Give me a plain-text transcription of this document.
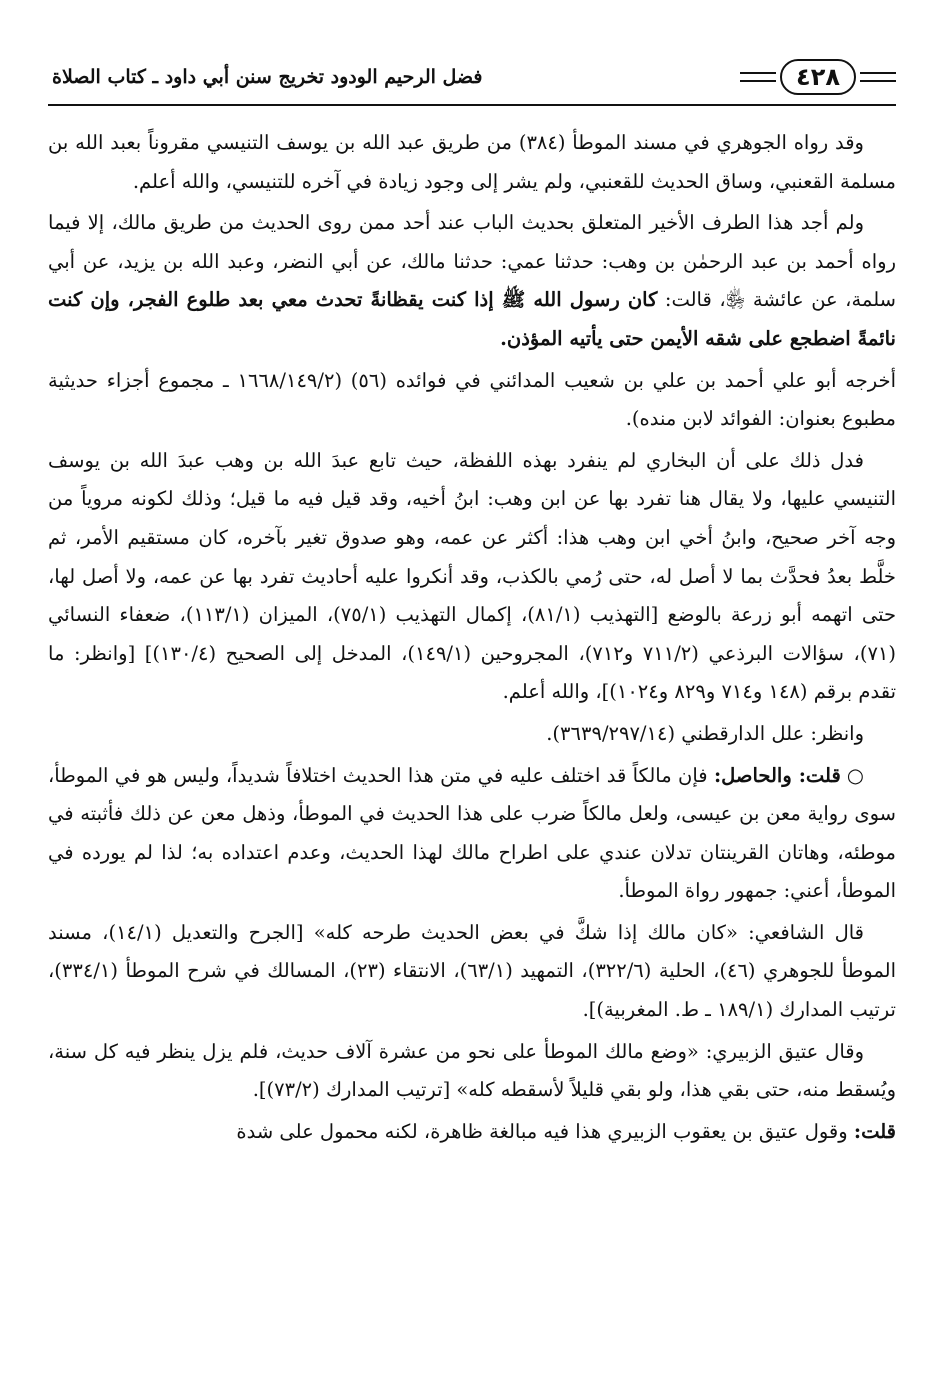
٤٢٨
فضل الرحيم الودود تخريج سنن أبي داود ـ كتاب الصلاة

وقد رواه الجوهري في مسند الموطأ (٣٨٤) من طريق عبد الله بن يوسف التنيسي مقروناً بعبد الله بن مسلمة القعنبي، وساق الحديث للقعنبي، ولم يشر إلى وجود زيادة في آخره للتنيسي، والله أعلم.

ولم أجد هذا الطرف الأخير المتعلق بحديث الباب عند أحد ممن روى الحديث من طريق مالك، إلا فيما رواه أحمد بن عبد الرحمٰن بن وهب: حدثنا عمي: حدثنا مالك، عن أبي النضر، وعبد الله بن يزيد، عن أبي سلمة، عن عائشة ﵂، قالت: كان رسول الله ﷺ إذا كنت يقظانةً تحدث معي بعد طلوع الفجر، وإن كنت نائمةً اضطجع على شقه الأيمن حتى يأتيه المؤذن.

أخرجه أبو علي أحمد بن علي بن شعيب المدائني في فوائده (٥٦) (١٦٦٨/١٤٩/٢ ـ مجموع أجزاء حديثية مطبوع بعنوان: الفوائد لابن منده).

فدل ذلك على أن البخاري لم ينفرد بهذه اللفظة، حيث تابع عبدَ الله بن وهب عبدَ الله بن يوسف التنيسي عليها، ولا يقال هنا تفرد بها عن ابن وهب: ابنُ أخيه، وقد قيل فيه ما قيل؛ وذلك لكونه مروياً من وجه آخر صحيح، وابنُ أخي ابن وهب هذا: أكثر عن عمه، وهو صدوق تغير بآخره، كان مستقيم الأمر، ثم خلَّط بعدُ فحدَّث بما لا أصل له، حتى رُمي بالكذب، وقد أنكروا عليه أحاديث تفرد بها عن عمه، ولا أصل لها، حتى اتهمه أبو زرعة بالوضع [التهذيب (٨١/١)، إكمال التهذيب (٧٥/١)، الميزان (١١٣/١)، ضعفاء النسائي (٧١)، سؤالات البرذعي (٧١١/٢ و٧١٢)، المجروحين (١٤٩/١)، المدخل إلى الصحيح (١٣٠/٤)] [وانظر: ما تقدم برقم (١٤٨ و٧١٤ و٨٢٩ و١٠٢٤)]، والله أعلم.

وانظر: علل الدارقطني (٣٦٣٩/٢٩٧/١٤).

○قلت: والحاصل: فإن مالكاً قد اختلف عليه في متن هذا الحديث اختلافاً شديداً، وليس هو في الموطأ، سوى رواية معن بن عيسى، ولعل مالكاً ضرب على هذا الحديث في الموطأ، وذهل معن عن ذلك فأثبته في موطئه، وهاتان القرينتان تدلان عندي على اطراح مالك لهذا الحديث، وعدم اعتداده به؛ لذا لم يورده في الموطأ، أعني: جمهور رواة الموطأ.

قال الشافعي: «كان مالك إذا شكَّ في بعض الحديث طرحه كله» [الجرح والتعديل (١٤/١)، مسند الموطأ للجوهري (٤٦)، الحلية (٣٢٢/٦)، التمهيد (٦٣/١)، الانتقاء (٢٣)، المسالك في شرح الموطأ (٣٣٤/١)، ترتيب المدارك (١٨٩/١ ـ ط. المغربية)].

وقال عتيق الزبيري: «وضع مالك الموطأ على نحو من عشرة آلاف حديث، فلم يزل ينظر فيه كل سنة، ويُسقط منه، حتى بقي هذا، ولو بقي قليلاً لأسقطه كله» [ترتيب المدارك (٧٣/٢)].

قلت: وقول عتيق بن يعقوب الزبيري هذا فيه مبالغة ظاهرة، لكنه محمول على شدة
